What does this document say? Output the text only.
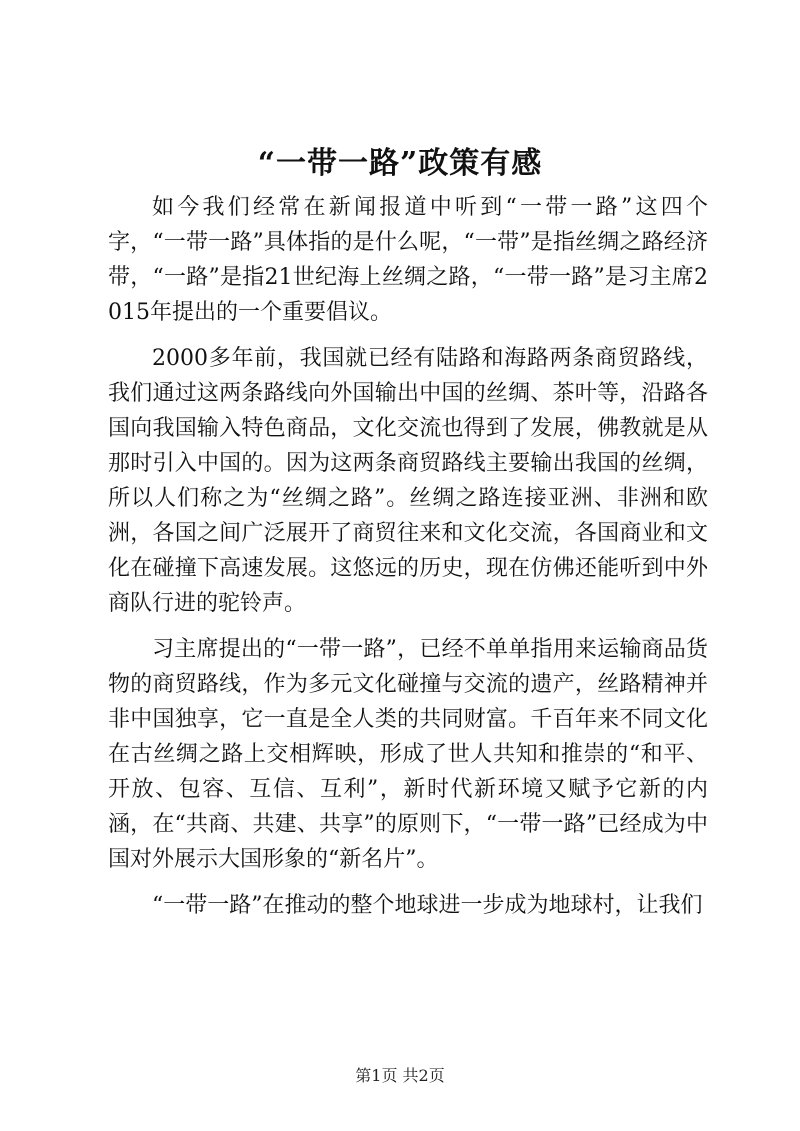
“一带一路”政策有感

如今我们经常在新闻报道中听到“一带一路”这四个字，“一带一路”具体指的是什么呢，“一带”是指丝绸之路经济带，“一路”是指21世纪海上丝绸之路，“一带一路”是习主席2015年提出的一个重要倡议。

2000多年前，我国就已经有陆路和海路两条商贸路线，我们通过这两条路线向外国输出中国的丝绸、茶叶等，沿路各国向我国输入特色商品，文化交流也得到了发展，佛教就是从那时引入中国的。因为这两条商贸路线主要输出我国的丝绸，所以人们称之为“丝绸之路”。丝绸之路连接亚洲、非洲和欧洲，各国之间广泛展开了商贸往来和文化交流，各国商业和文化在碰撞下高速发展。这悠远的历史，现在仿佛还能听到中外商队行进的驼铃声。

习主席提出的“一带一路”，已经不单单指用来运输商品货物的商贸路线，作为多元文化碰撞与交流的遗产，丝路精神并非中国独享，它一直是全人类的共同财富。千百年来不同文化在古丝绸之路上交相辉映，形成了世人共知和推崇的“和平、开放、包容、互信、互利”，新时代新环境又赋予它新的内涵，在“共商、共建、共享”的原则下，“一带一路”已经成为中国对外展示大国形象的“新名片”。

“一带一路”在推动的整个地球进一步成为地球村，让我们

第1页 共2页
